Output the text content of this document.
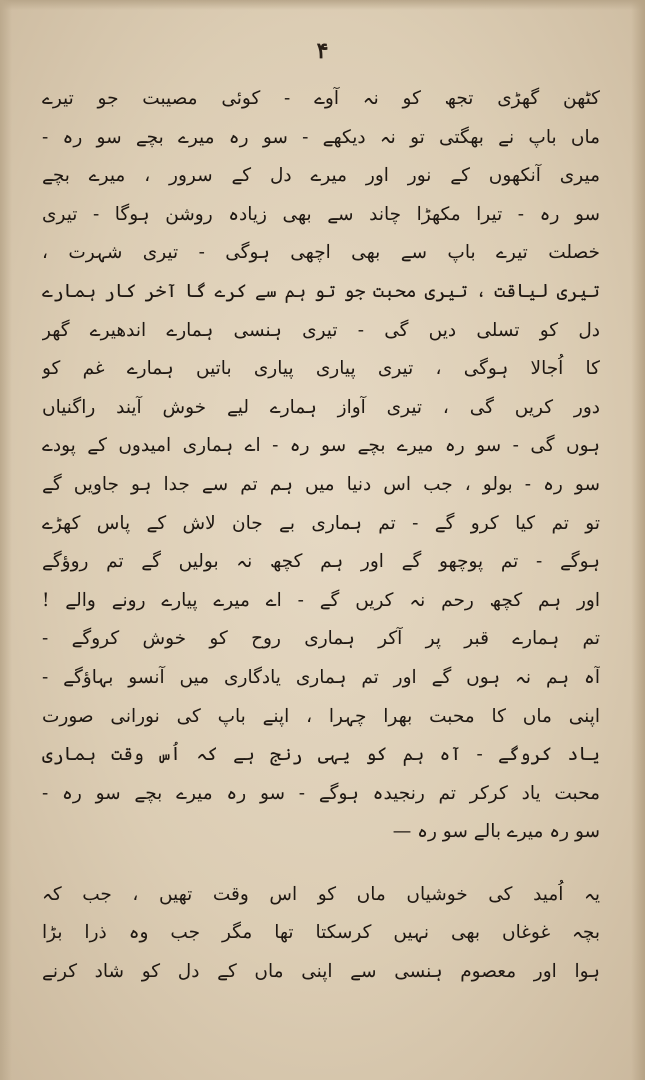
۴
کٹھن گھڑی تجھ کو نہ آوے - کوئی مصیبت جو تیرے
ماں باپ نے بھگتی تو نہ دیکھے - سو رہ میرے بچے سو رہ -
میری آنکھوں کے نور اور میرے دل کے سرور ، میرے بچے
سو رہ - تیرا مکھڑا چاند سے بھی زیادہ روشن ہوگا - تیری
خصلت تیرے باپ سے بھی اچھی ہوگی - تیری شہرت ،
تیری لیاقت ، تیری محبت جو تو ہم سے کرے گا آخر کار ہمارے
دل کو تسلی دیں گی - تیری ہنسی ہمارے اندھیرے گھر
کا اُجالا ہوگی ، تیری پیاری پیاری باتیں ہمارے غم کو
دور کریں گی ، تیری آواز ہمارے لیے خوش آیند راگنیاں
ہوں گی - سو رہ میرے بچے سو رہ - اے ہماری امیدوں کے پودے
سو رہ - بولو ، جب اس دنیا میں ہم تم سے جدا ہو جاویں گے
تو تم کیا کرو گے - تم ہماری بے جان لاش کے پاس کھڑے
ہوگے - تم پوچھو گے اور ہم کچھ نہ بولیں گے تم روؤگے
اور ہم کچھ رحم نہ کریں گے - اے میرے پیارے رونے والے !
تم ہمارے قبر پر آکر ہماری روح کو خوش کروگے -
آہ ہم نہ ہوں گے اور تم ہماری یادگاری میں آنسو بہاؤگے -
اپنی ماں کا محبت بھرا چہرا ، اپنے باپ کی نورانی صورت
یاد کروگے - آہ ہم کو یہی رنج ہے کہ اُس وقت ہماری
محبت یاد کرکر تم رنجیدہ ہوگے - سو رہ میرے بچے سو رہ -
سو رہ میرے بالے سو رہ —
یہ اُمید کی خوشیاں ماں کو اس وقت تھیں ، جب کہ
بچہ غوغاں بھی نہیں کرسکتا تھا مگر جب وہ ذرا بڑا
ہوا اور معصوم ہنسی سے اپنی ماں کے دل کو شاد کرنے
